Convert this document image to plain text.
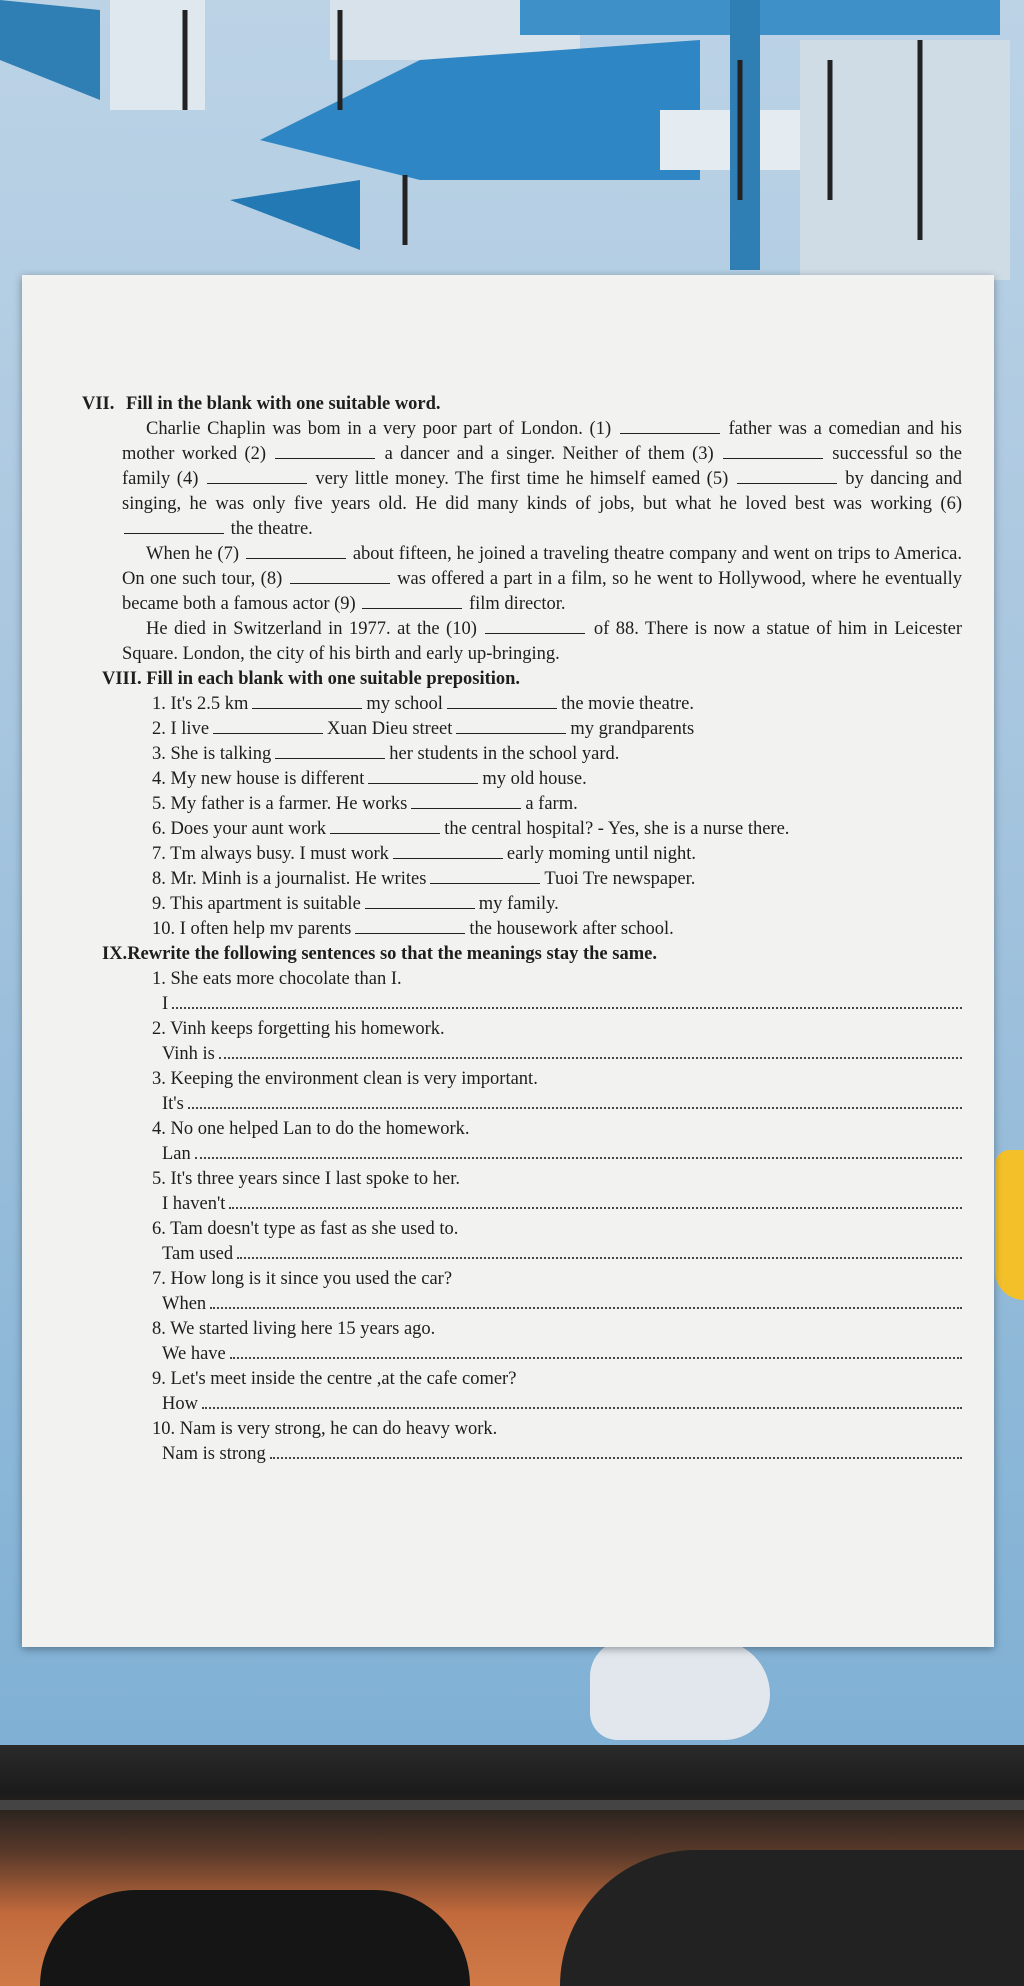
VII. Fill in the blank with one suitable word.

Charlie Chaplin was bom in a very poor part of London. (1)	father was a comedian and his mother worked (2)	a dancer and a singer. Neither of them (3)	successful so the family (4)	very little money. The first time he himself eamed (5)	by dancing and singing, he was only five years old. He did many kinds of jobs, but what he loved best was working (6)  the theatre.

When he (7)	about fifteen, he joined a traveling theatre company and went on trips to America. On one such tour, (8)	was offered a part in a film, so he went to Hollywood, where he eventually became both a famous actor (9)	film director.

He died in Switzerland in 1977. at the (10)	of 88. There is now a statue of him in Leicester Square. London, the city of his birth and early up-bringing.

VIII. Fill in each blank with one suitable preposition.

1. It's 2.5 km	my school	the movie theatre.
2. I live	Xuan Dieu street	my grandparents
3. She is talking	her students in the school yard.
4. My new house is different	my old house.
5. My father is a farmer. He works	a farm.
6. Does your aunt work	the central hospital? - Yes, she is a nurse there.
7. Tm always busy. I must work	early moming until night.
8. Mr. Minh is a journalist. He writes	Tuoi Tre newspaper.
9. This apartment is suitable	my family.
10. I often help mv parents	the housework after school.

IX.Rewrite the following sentences so that the meanings stay the same.

1. She eats more chocolate than I.

I

2. Vinh keeps forgetting his homework.

Vinh is

3. Keeping the environment clean is very important.

It's

4. No one helped Lan to do the homework.

Lan

5. It's three years since I last spoke to her.

I haven't

6. Tam doesn't type as fast as she used to.

Tam used

7. How long is it since you used the car?

When

8. We started living here 15 years ago.

We have

9. Let's meet inside the centre ,at the cafe comer?

How

10. Nam is very strong, he can do heavy work.

Nam is strong
